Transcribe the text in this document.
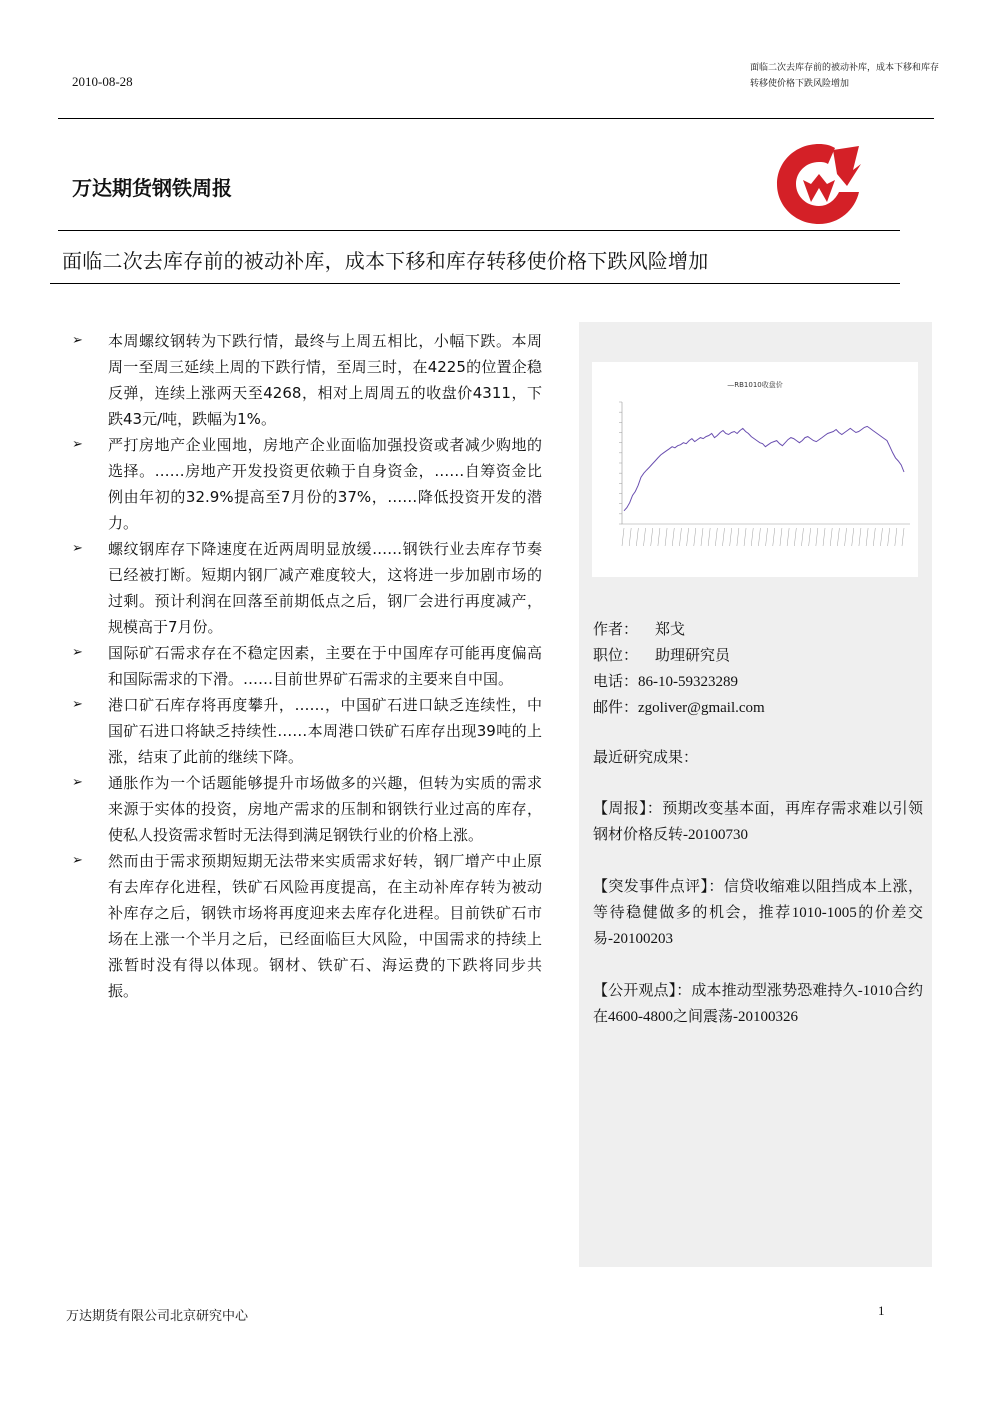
2010-08-28
面临二次去库存前的被动补库，成本下移和库存转移使价格下跌风险增加
万达期货钢铁周报
面临二次去库存前的被动补库，成本下移和库存转移使价格下跌风险增加
➢ 本周螺纹钢转为下跌行情，最终与上周五相比，小幅下跌。本周周一至周三延续上周的下跌行情，至周三时，在4225的位置企稳反弹，连续上涨两天至4268，相对上周周五的收盘价4311，下跌43元/吨，跌幅为1%。
➢ 严打房地产企业囤地，房地产企业面临加强投资或者减少购地的选择。……房地产开发投资更依赖于自身资金，……自筹资金比例由年初的32.9%提高至7月份的37%，……降低投资开发的潜力。
➢ 螺纹钢库存下降速度在近两周明显放缓……钢铁行业去库存节奏已经被打断。短期内钢厂减产难度较大，这将进一步加剧市场的过剩。预计利润在回落至前期低点之后，钢厂会进行再度减产，规模高于7月份。
➢ 国际矿石需求存在不稳定因素，主要在于中国库存可能再度偏高和国际需求的下滑。……目前世界矿石需求的主要来自中国。
➢ 港口矿石库存将再度攀升，……，中国矿石进口缺乏连续性，中国矿石进口将缺乏持续性……本周港口铁矿石库存出现39吨的上涨，结束了此前的继续下降。
➢ 通胀作为一个话题能够提升市场做多的兴趣，但转为实质的需求来源于实体的投资，房地产需求的压制和钢铁行业过高的库存，使私人投资需求暂时无法得到满足钢铁行业的价格上涨。
➢ 然而由于需求预期短期无法带来实质需求好转，钢厂增产中止原有去库存化进程，铁矿石风险再度提高，在主动补库存转为被动补库存之后，钢铁市场将再度迎来去库存化进程。目前铁矿石市场在上涨一个半月之后，已经面临巨大风险，中国需求的持续上涨暂时没有得以体现。钢材、铁矿石、海运费的下跌将同步共振。
—RB1010收盘价
作者： 郑戈
职位： 助理研究员
电话：86-10-59323289
邮件：zgoliver@gmail.com
最近研究成果：
【周报】：预期改变基本面，再库存需求难以引领钢材价格反转-20100730
【突发事件点评】：信贷收缩难以阻挡成本上涨，等待稳健做多的机会，推荐1010-1005的价差交易-20100203
【公开观点】：成本推动型涨势恐难持久-1010合约在4600-4800之间震荡-20100326
万达期货有限公司北京研究中心	1
